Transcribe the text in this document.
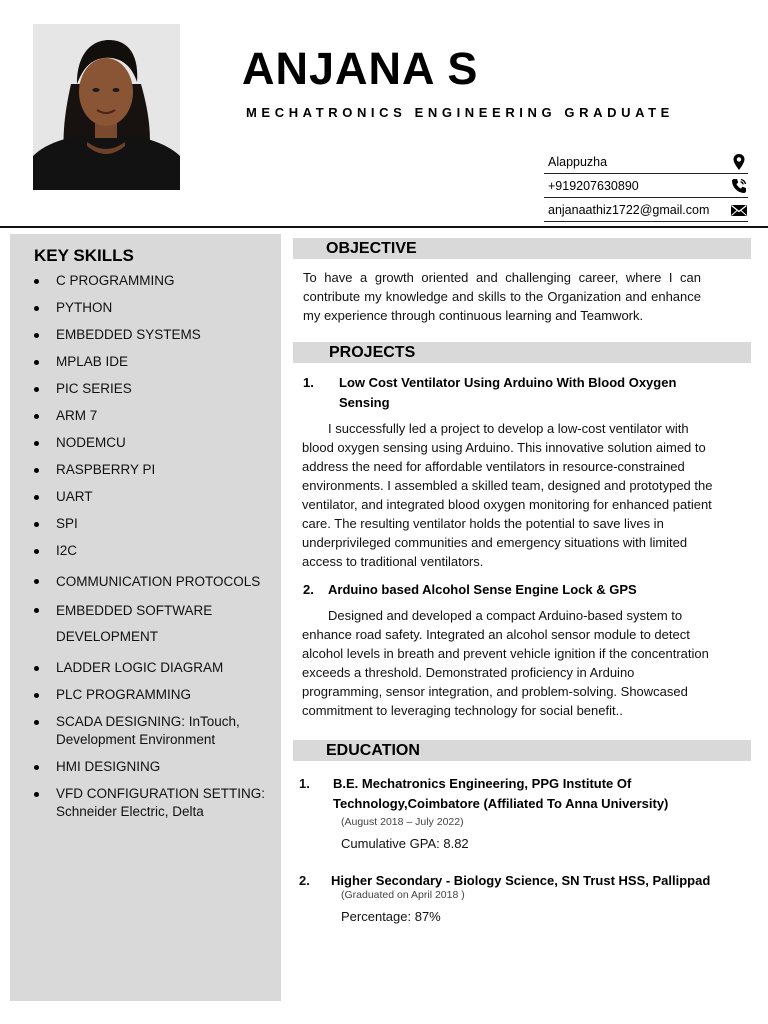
ANJANA S
MECHATRONICS ENGINEERING GRADUATE
Alappuzha
+919207630890
anjanaathiz1722@gmail.com
KEY SKILLS
C PROGRAMMING
PYTHON
EMBEDDED SYSTEMS
MPLAB IDE
PIC SERIES
ARM 7
NODEMCU
RASPBERRY PI
UART
SPI
I2C
COMMUNICATION PROTOCOLS
EMBEDDED SOFTWARE DEVELOPMENT
LADDER LOGIC DIAGRAM
PLC PROGRAMMING
SCADA DESIGNING: InTouch, Development Environment
HMI DESIGNING
VFD CONFIGURATION SETTING: Schneider Electric, Delta
OBJECTIVE

To have a growth oriented and challenging career, where I can contribute my knowledge and skills to the Organization and enhance my experience through continuous learning and Teamwork.

PROJECTS
1. Low Cost Ventilator Using Arduino With Blood Oxygen Sensing

I successfully led a project to develop a low-cost ventilator with blood oxygen sensing using Arduino. This innovative solution aimed to address the need for affordable ventilators in resource-constrained environments. I assembled a skilled team, designed and prototyped the ventilator, and integrated blood oxygen monitoring for enhanced patient care. The resulting ventilator holds the potential to save lives in underprivileged communities and emergency situations with limited access to traditional ventilators.

2. Arduino based Alcohol Sense Engine Lock & GPS

Designed and developed a compact Arduino-based system to enhance road safety. Integrated an alcohol sensor module to detect alcohol levels in breath and prevent vehicle ignition if the concentration exceeds a threshold. Demonstrated proficiency in Arduino programming, sensor integration, and problem-solving. Showcased commitment to leveraging technology for social benefit..

EDUCATION
1. B.E. Mechatronics Engineering, PPG Institute Of Technology,Coimbatore (Affiliated To Anna University)
(August 2018 – July 2022)
Cumulative GPA: 8.82
2. Higher Secondary - Biology Science, SN Trust HSS, Pallippad
(Graduated on April 2018 )
Percentage: 87%
